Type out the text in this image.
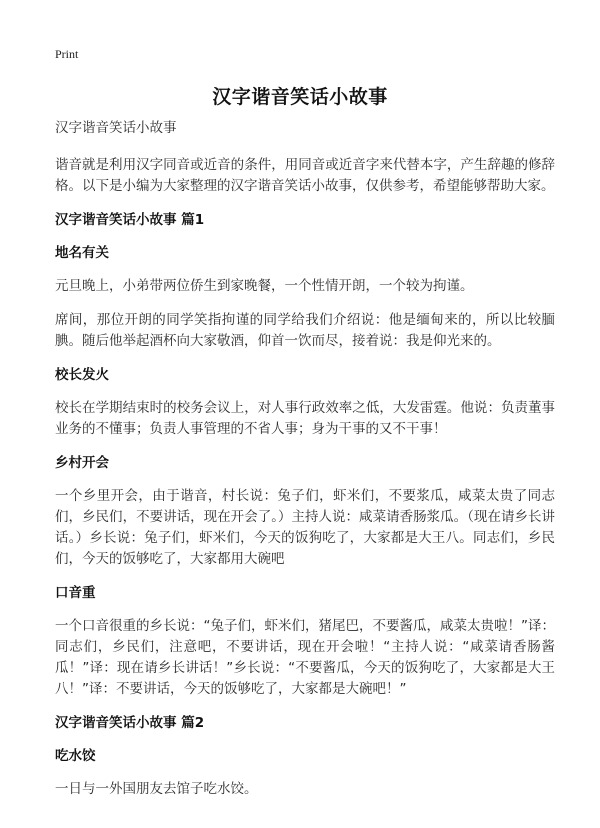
Print
汉字谐音笑话小故事
汉字谐音笑话小故事
谐音就是利用汉字同音或近音的条件，用同音或近音字来代替本字，产生辞趣的修辞格。以下是小编为大家整理的汉字谐音笑话小故事，仅供参考，希望能够帮助大家。
汉字谐音笑话小故事 篇1
地名有关
元旦晚上，小弟带两位侨生到家晚餐，一个性情开朗，一个较为拘谨。
席间，那位开朗的同学笑指拘谨的同学给我们介绍说：他是缅甸来的，所以比较腼腆。随后他举起酒杯向大家敬酒，仰首一饮而尽，接着说：我是仰光来的。
校长发火
校长在学期结束时的校务会议上，对人事行政效率之低，大发雷霆。他说：负责董事业务的不懂事；负责人事管理的不省人事；身为干事的又不干事！
乡村开会
一个乡里开会，由于谐音，村长说：兔子们，虾米们，不要浆瓜，咸菜太贵了同志们，乡民们，不要讲话，现在开会了。）主持人说：咸菜请香肠浆瓜。（现在请乡长讲话。）乡长说：兔子们，虾米们，今天的饭狗吃了，大家都是大王八。同志们，乡民们，今天的饭够吃了，大家都用大碗吧
口音重
一个口音很重的乡长说：“兔子们，虾米们，猪尾巴，不要酱瓜，咸菜太贵啦！”译：同志们，乡民们，注意吧，不要讲话，现在开会啦！“主持人说：“咸菜请香肠酱瓜！”译：现在请乡长讲话！”乡长说：“不要酱瓜，今天的饭狗吃了，大家都是大王八！”译：不要讲话，今天的饭够吃了，大家都是大碗吧！”
汉字谐音笑话小故事 篇2
吃水饺
一日与一外国朋友去馆子吃水饺。
